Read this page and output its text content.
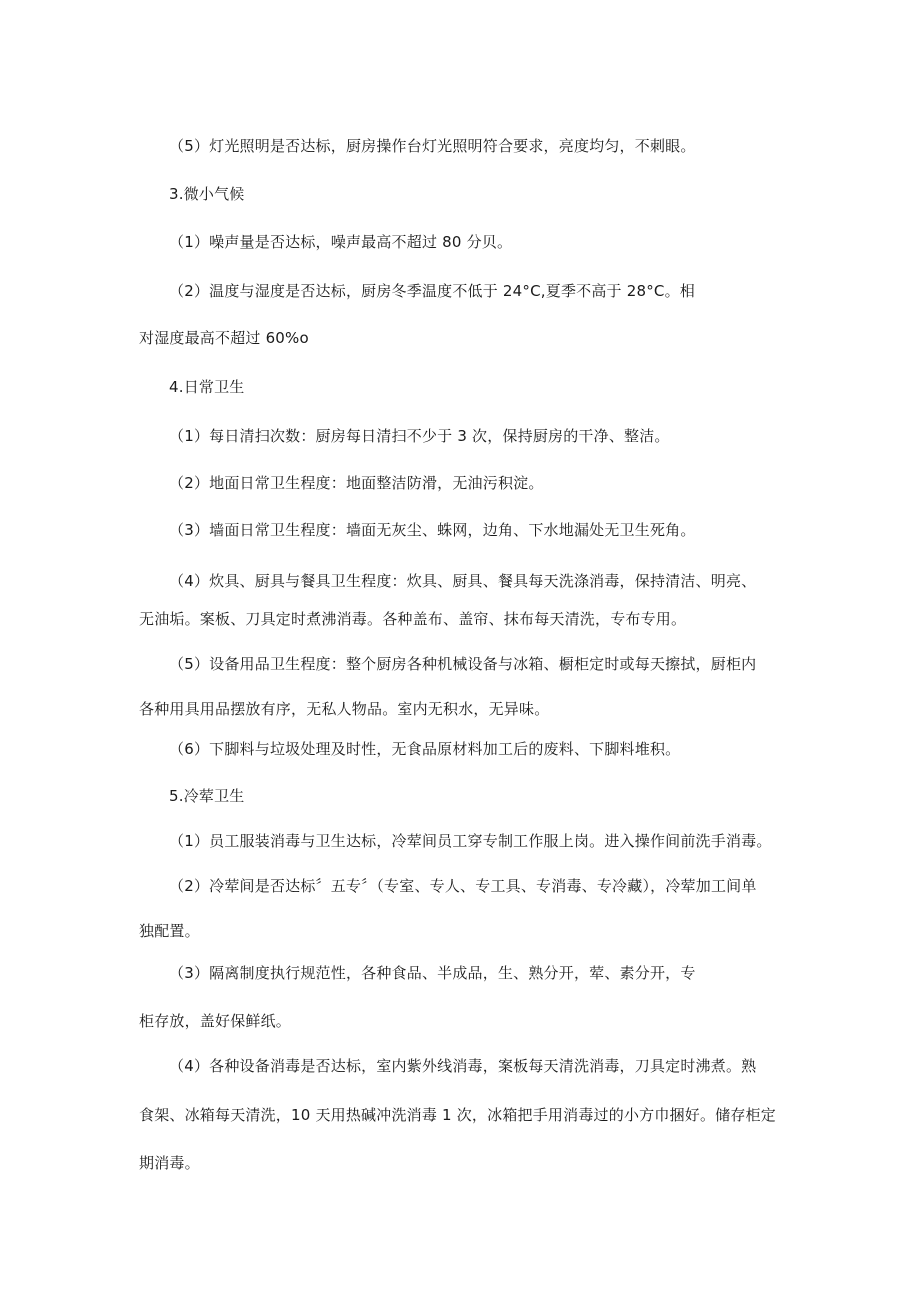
（5）灯光照明是否达标，厨房操作台灯光照明符合要求，亮度均匀，不刺眼。
3.微小气候
（1）噪声量是否达标，噪声最高不超过 80 分贝。
（2）温度与湿度是否达标，厨房冬季温度不低于 24°C,夏季不高于 28°C。相
对湿度最高不超过 60%o
4.日常卫生
（1）每日清扫次数：厨房每日清扫不少于 3 次，保持厨房的干净、整洁。
（2）地面日常卫生程度：地面整洁防滑，无油污积淀。
（3）墙面日常卫生程度：墙面无灰尘、蛛网，边角、下水地漏处无卫生死角。
（4）炊具、厨具与餐具卫生程度：炊具、厨具、餐具每天洗涤消毒，保持清洁、明亮、
无油垢。案板、刀具定时煮沸消毒。各种盖布、盖帘、抹布每天清洗，专布专用。
（5）设备用品卫生程度：整个厨房各种机械设备与冰箱、橱柜定时或每天擦拭，厨柜内
各种用具用品摆放有序，无私人物品。室内无积水，无异味。
（6）下脚料与垃圾处理及时性，无食品原材料加工后的废料、下脚料堆积。
5.冷荤卫生
（1）员工服装消毒与卫生达标，冷荤间员工穿专制工作服上岗。进入操作间前洗手消毒。
（2）冷荤间是否达标〞五专〞（专室、专人、专工具、专消毒、专冷藏），冷荤加工间单
独配置。
（3）隔离制度执行规范性，各种食品、半成品，生、熟分开，荤、素分开，专
柜存放，盖好保鲜纸。
（4）各种设备消毒是否达标，室内紫外线消毒，案板每天清洗消毒，刀具定时沸煮。熟
食架、冰箱每天清洗，10 天用热碱冲洗消毒 1 次，冰箱把手用消毒过的小方巾捆好。储存柜定
期消毒。
